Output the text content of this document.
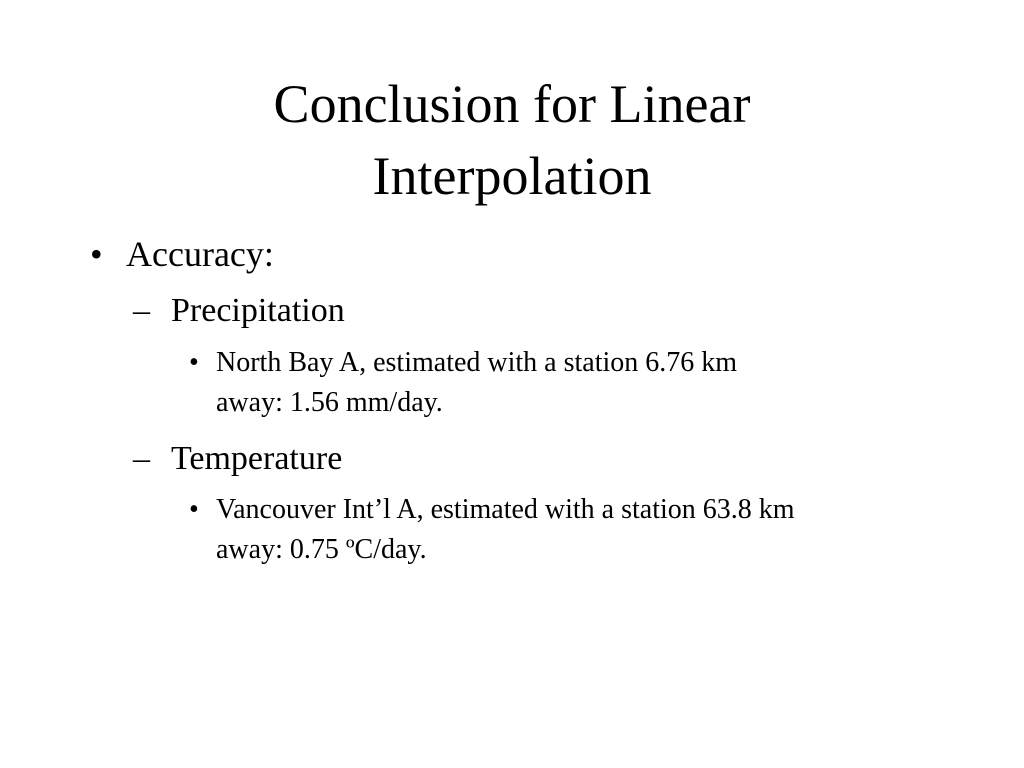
Conclusion for Linear
Interpolation
• Accuracy:
– Precipitation
• North Bay A, estimated with a station 6.76 km
away: 1.56 mm/day.
– Temperature
• Vancouver Int’l A, estimated with a station 63.8 km
away: 0.75 ºC/day.
